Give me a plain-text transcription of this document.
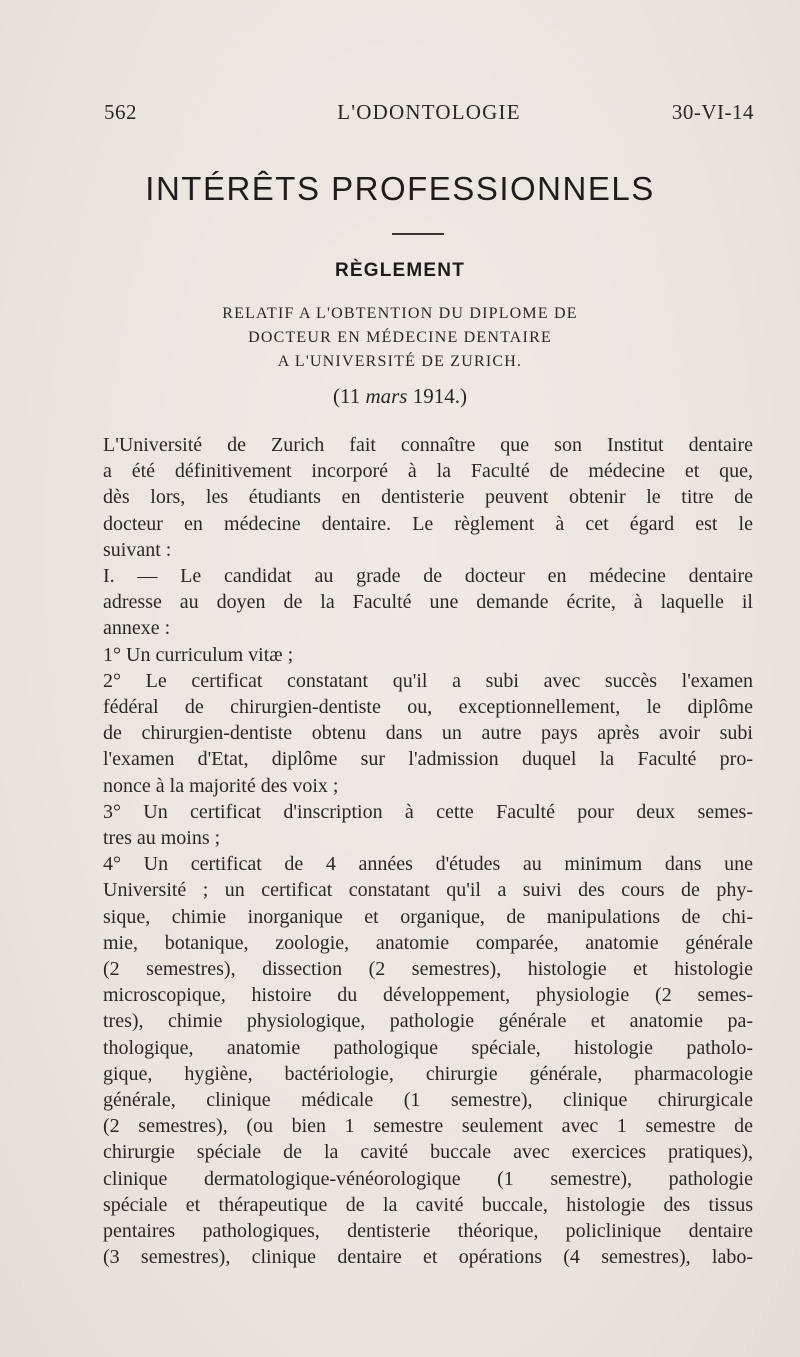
562	L'ODONTOLOGIE	30-VI-14
INTÉRÊTS PROFESSIONNELS
RÈGLEMENT
RELATIF A L'OBTENTION DU DIPLOME DE
DOCTEUR EN MÉDECINE DENTAIRE
A L'UNIVERSITÉ DE ZURICH.
(11 mars 1914.)
L'Université de Zurich fait connaître que son Institut dentaire
a été définitivement incorporé à la Faculté de médecine et que,
dès lors, les étudiants en dentisterie peuvent obtenir le titre de
docteur en médecine dentaire. Le règlement à cet égard est le
suivant :
I. — Le candidat au grade de docteur en médecine dentaire
adresse au doyen de la Faculté une demande écrite, à laquelle il
annexe :
1° Un curriculum vitæ ;
2° Le certificat constatant qu'il a subi avec succès l'examen
fédéral de chirurgien-dentiste ou, exceptionnellement, le diplôme
de chirurgien-dentiste obtenu dans un autre pays après avoir subi
l'examen d'Etat, diplôme sur l'admission duquel la Faculté pro-
nonce à la majorité des voix ;
3° Un certificat d'inscription à cette Faculté pour deux semes-
tres au moins ;
4° Un certificat de 4 années d'études au minimum dans une
Université ; un certificat constatant qu'il a suivi des cours de phy-
sique, chimie inorganique et organique, de manipulations de chi-
mie, botanique, zoologie, anatomie comparée, anatomie générale
(2 semestres), dissection (2 semestres), histologie et histologie
microscopique, histoire du développement, physiologie (2 semes-
tres), chimie physiologique, pathologie générale et anatomie pa-
thologique, anatomie pathologique spéciale, histologie patholo-
gique, hygiène, bactériologie, chirurgie générale, pharmacologie
générale, clinique médicale (1 semestre), clinique chirurgicale
(2 semestres), (ou bien 1 semestre seulement avec 1 semestre de
chirurgie spéciale de la cavité buccale avec exercices pratiques),
clinique dermatologique-vénéorologique (1 semestre), pathologie
spéciale et thérapeutique de la cavité buccale, histologie des tissus
pentaires pathologiques, dentisterie théorique, policlinique dentaire
(3 semestres), clinique dentaire et opérations (4 semestres), labo-
